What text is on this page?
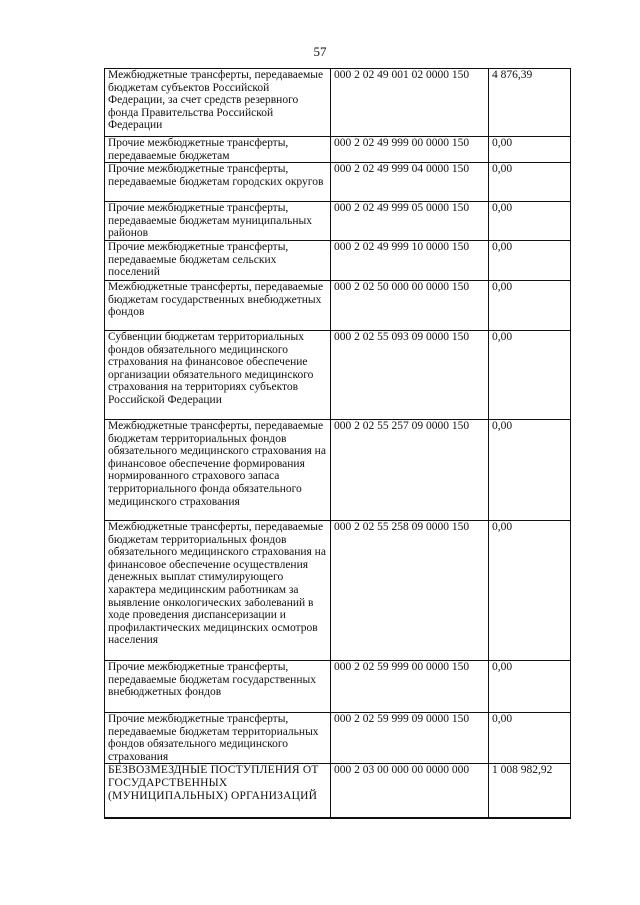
57
Межбюджетные трансферты, передаваемые бюджетам субъектов Российской Федерации, за счет средств резервного фонда Правительства Российской Федерации	000 2 02 49 001 02 0000 150	4 876,39
Прочие межбюджетные трансферты, передаваемые бюджетам	000 2 02 49 999 00 0000 150	0,00
Прочие межбюджетные трансферты, передаваемые бюджетам городских округов	000 2 02 49 999 04 0000 150	0,00
Прочие межбюджетные трансферты, передаваемые бюджетам муниципальных районов	000 2 02 49 999 05 0000 150	0,00
Прочие межбюджетные трансферты, передаваемые бюджетам сельских поселений	000 2 02 49 999 10 0000 150	0,00
Межбюджетные трансферты, передаваемые бюджетам государственных внебюджетных фондов	000 2 02 50 000 00 0000 150	0,00
Субвенции бюджетам территориальных фондов обязательного медицинского страхования на финансовое обеспечение организации обязательного медицинского страхования на территориях субъектов Российской Федерации	000 2 02 55 093 09 0000 150	0,00
Межбюджетные трансферты, передаваемые бюджетам территориальных фондов обязательного медицинского страхования на финансовое обеспечение формирования нормированного страхового запаса территориального фонда обязательного медицинского страхования	000 2 02 55 257 09 0000 150	0,00
Межбюджетные трансферты, передаваемые бюджетам территориальных фондов обязательного медицинского страхования на финансовое обеспечение осуществления денежных выплат стимулирующего характера медицинским работникам за выявление онкологических заболеваний в ходе проведения диспансеризации и профилактических медицинских осмотров населения	000 2 02 55 258 09 0000 150	0,00
Прочие межбюджетные трансферты, передаваемые бюджетам государственных внебюджетных фондов	000 2 02 59 999 00 0000 150	0,00
Прочие межбюджетные трансферты, передаваемые бюджетам территориальных фондов обязательного медицинского страхования	000 2 02 59 999 09 0000 150	0,00
БЕЗВОЗМЕЗДНЫЕ ПОСТУПЛЕНИЯ ОТ ГОСУДАРСТВЕННЫХ (МУНИЦИПАЛЬНЫХ) ОРГАНИЗАЦИЙ	000 2 03 00 000 00 0000 000	1 008 982,92
